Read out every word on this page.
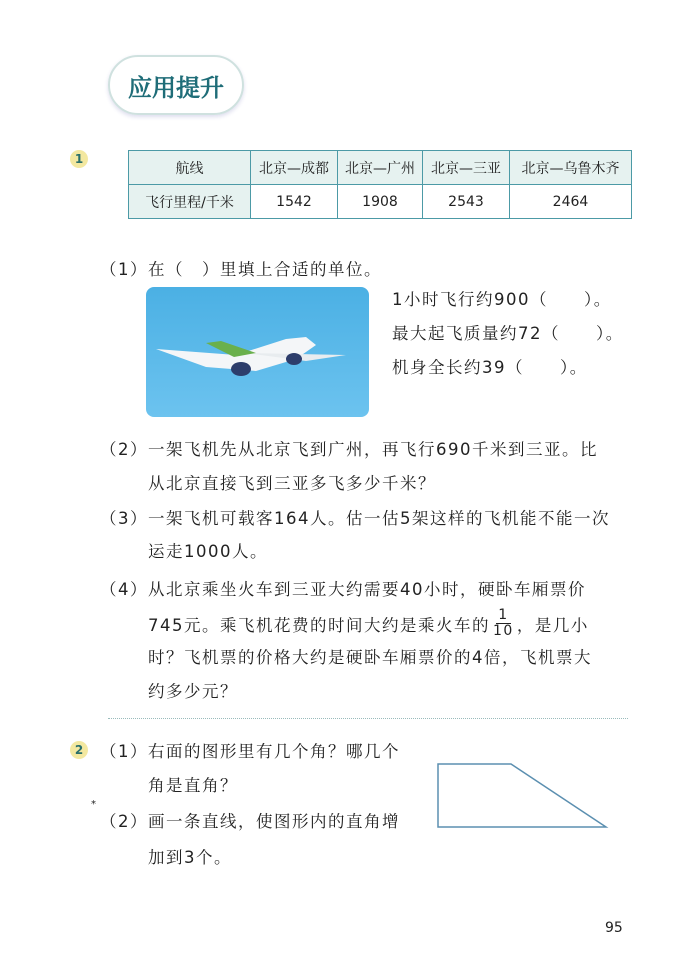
应用提升
1
航线	北京—成都	北京—广州	北京—三亚	北京—乌鲁木齐
飞行里程/千米	1542	1908	2543	2464
（1）在（　）里填上合适的单位。
1小时飞行约900（　　）。
最大起飞质量约72（　　）。
机身全长约39（　　）。
（2）一架飞机先从北京飞到广州，再飞行690千米到三亚。比
从北京直接飞到三亚多飞多少千米？
（3）一架飞机可载客164人。估一估5架这样的飞机能不能一次
运走1000人。
（4）从北京乘坐火车到三亚大约需要40小时，硬卧车厢票价
745元。乘飞机花费的时间大约是乘火车的 $\frac{1}{10}$ ，是几小
时？飞机票的价格大约是硬卧车厢票价的4倍，飞机票大
约多少元？
2 （1）右面的图形里有几个角？哪几个
角是直角？
*
（2）画一条直线，使图形内的直角增
加到3个。
95
